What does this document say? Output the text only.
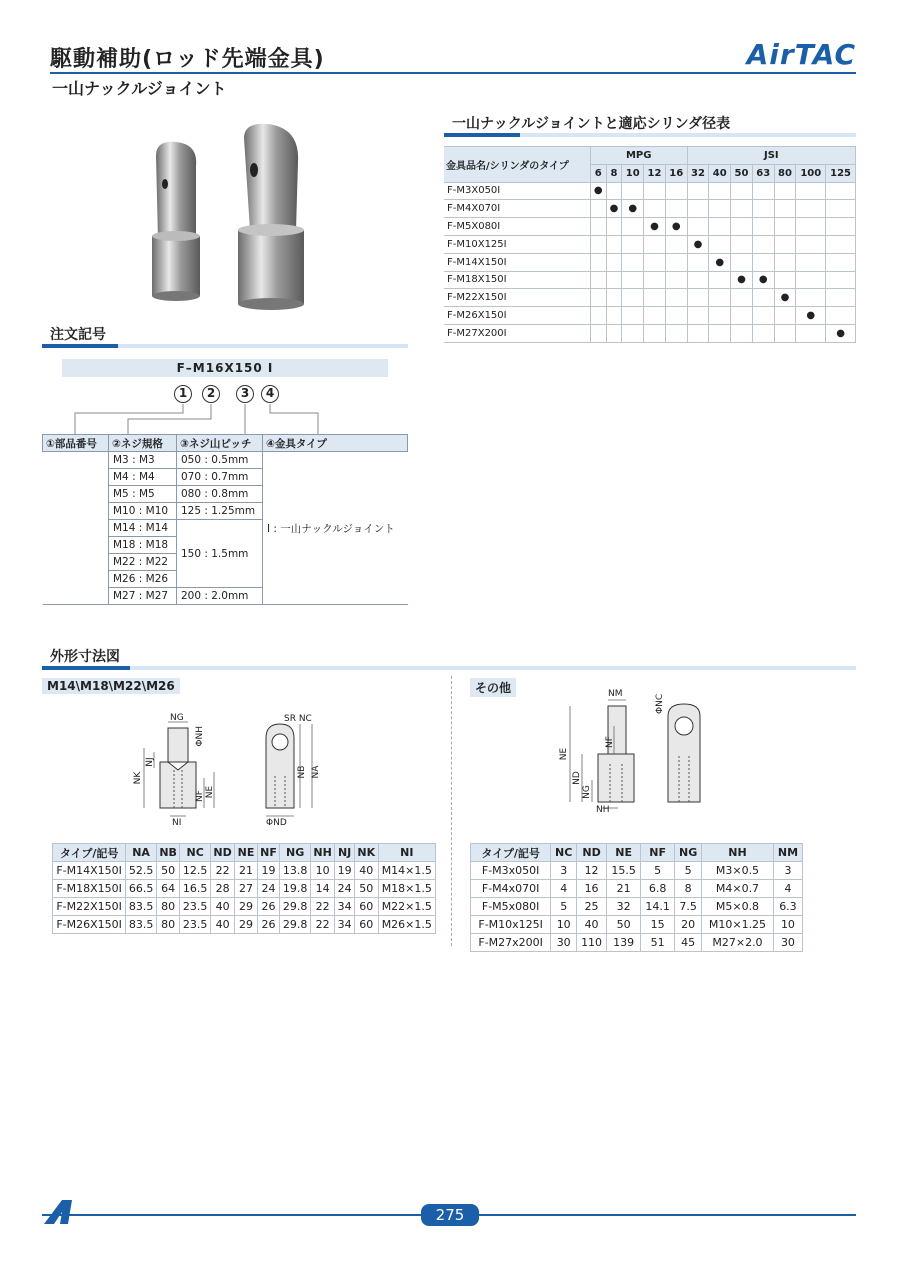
駆動補助(ロッド先端金具)
一山ナックルジョイント
AirTAC
一山ナックルジョイントと適応シリンダ径表
金具品名/シリンダのタイプ	MPG					JSI						
	6	8	10	12	16	32	40	50	63	80	100	125
F-M3X050I	●											
F-M4X070I		●	●									
F-M5X080I				●	●							
F-M10X125I						●						
F-M14X150I							●					
F-M18X150I								●	●			
F-M22X150I										●		
F-M26X150I											●	
F-M27X200I												●
注文記号
F–M16X150 I
1	2	3	4
①部品番号	②ネジ規格	③ネジ山ピッチ	④金具タイプ
	M3 : M3	050 : 0.5mm	I : 一山ナックルジョイント
	M4 : M4	070 : 0.7mm	
	M5 : M5	080 : 0.8mm	
	M10 : M10	125 : 1.25mm	
	M14 : M14	150 : 1.5mm	
	M18 : M18		
	M22 : M22		
	M26 : M26		
	M27 : M27	200 : 2.0mm	
外形寸法図
M14\M18\M22\M26	その他
NG
ΦNH
NK
NJ
NF NE
NI
SR NC
NB NA
ΦND
NM	ΦNC
NE
NF
ND
NG
NH
タイプ/記号	NA	NB	NC	ND	NE	NF	NG	NH	NJ	NK	NI
F-M14X150I	52.5	50	12.5	22	21	19	13.8	10	19	40	M14×1.5
F-M18X150I	66.5	64	16.5	28	27	24	19.8	14	24	50	M18×1.5
F-M22X150I	83.5	80	23.5	40	29	26	29.8	22	34	60	M22×1.5
F-M26X150I	83.5	80	23.5	40	29	26	29.8	22	34	60	M26×1.5
タイプ/記号	NC	ND	NE	NF	NG	NH	NM
F-M3x050I	3	12	15.5	5	5	M3×0.5	3
F-M4x070I	4	16	21	6.8	8	M4×0.7	4
F-M5x080I	5	25	32	14.1	7.5	M5×0.8	6.3
F-M10x125I	10	40	50	15	20	M10×1.25	10
F-M27x200I	30	110	139	51	45	M27×2.0	30
275
